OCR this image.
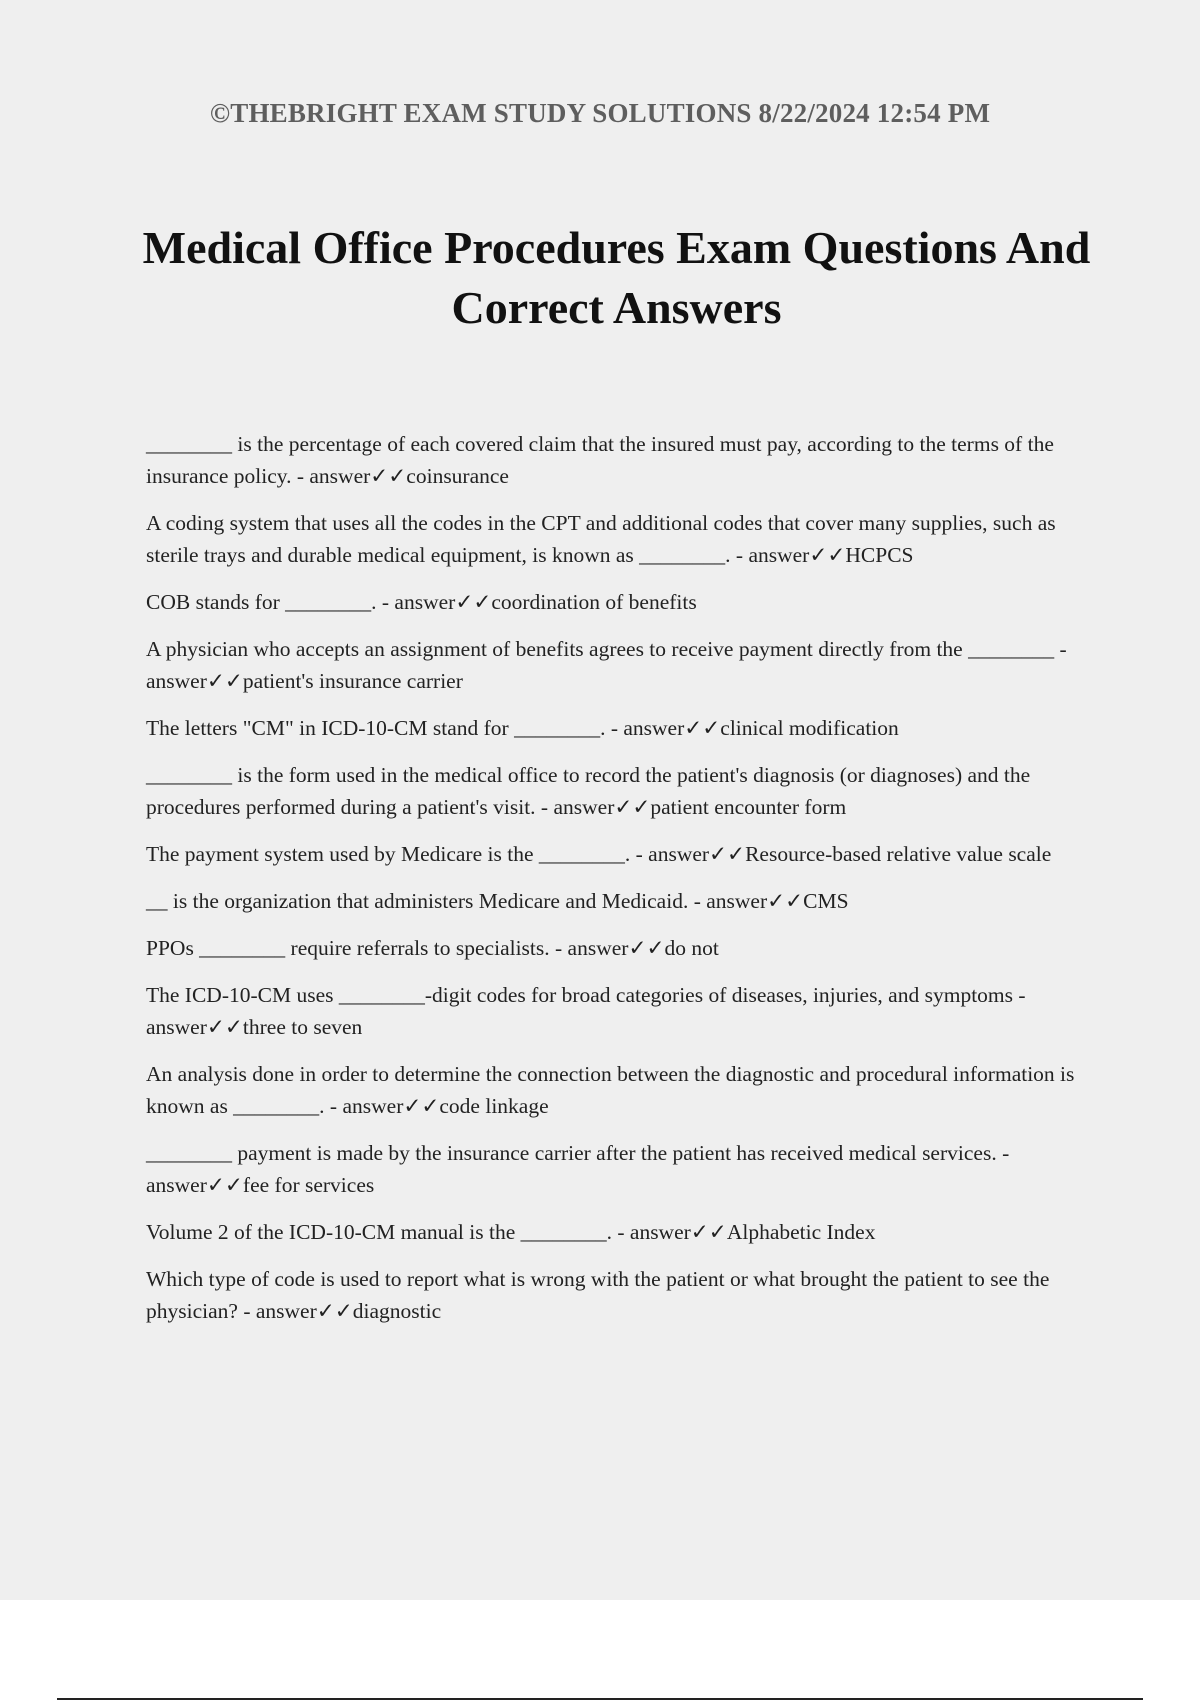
©THEBRIGHT EXAM STUDY SOLUTIONS 8/22/2024 12:54 PM
Medical Office Procedures Exam Questions And Correct Answers
________ is the percentage of each covered claim that the insured must pay, according to the terms of the insurance policy. - answer✓✓coinsurance
A coding system that uses all the codes in the CPT and additional codes that cover many supplies, such as sterile trays and durable medical equipment, is known as ________. - answer✓✓HCPCS
COB stands for ________. - answer✓✓coordination of benefits
A physician who accepts an assignment of benefits agrees to receive payment directly from the ________ - answer✓✓patient's insurance carrier
The letters "CM" in ICD-10-CM stand for ________. - answer✓✓clinical modification
________ is the form used in the medical office to record the patient's diagnosis (or diagnoses) and the procedures performed during a patient's visit. - answer✓✓patient encounter form
The payment system used by Medicare is the ________. - answer✓✓Resource-based relative value scale
__ is the organization that administers Medicare and Medicaid. - answer✓✓CMS
PPOs ________ require referrals to specialists. - answer✓✓do not
The ICD-10-CM uses ________-digit codes for broad categories of diseases, injuries, and symptoms - answer✓✓three to seven
An analysis done in order to determine the connection between the diagnostic and procedural information is known as ________. - answer✓✓code linkage
________ payment is made by the insurance carrier after the patient has received medical services. - answer✓✓fee for services
Volume 2 of the ICD-10-CM manual is the ________. - answer✓✓Alphabetic Index
Which type of code is used to report what is wrong with the patient or what brought the patient to see the physician? - answer✓✓diagnostic
